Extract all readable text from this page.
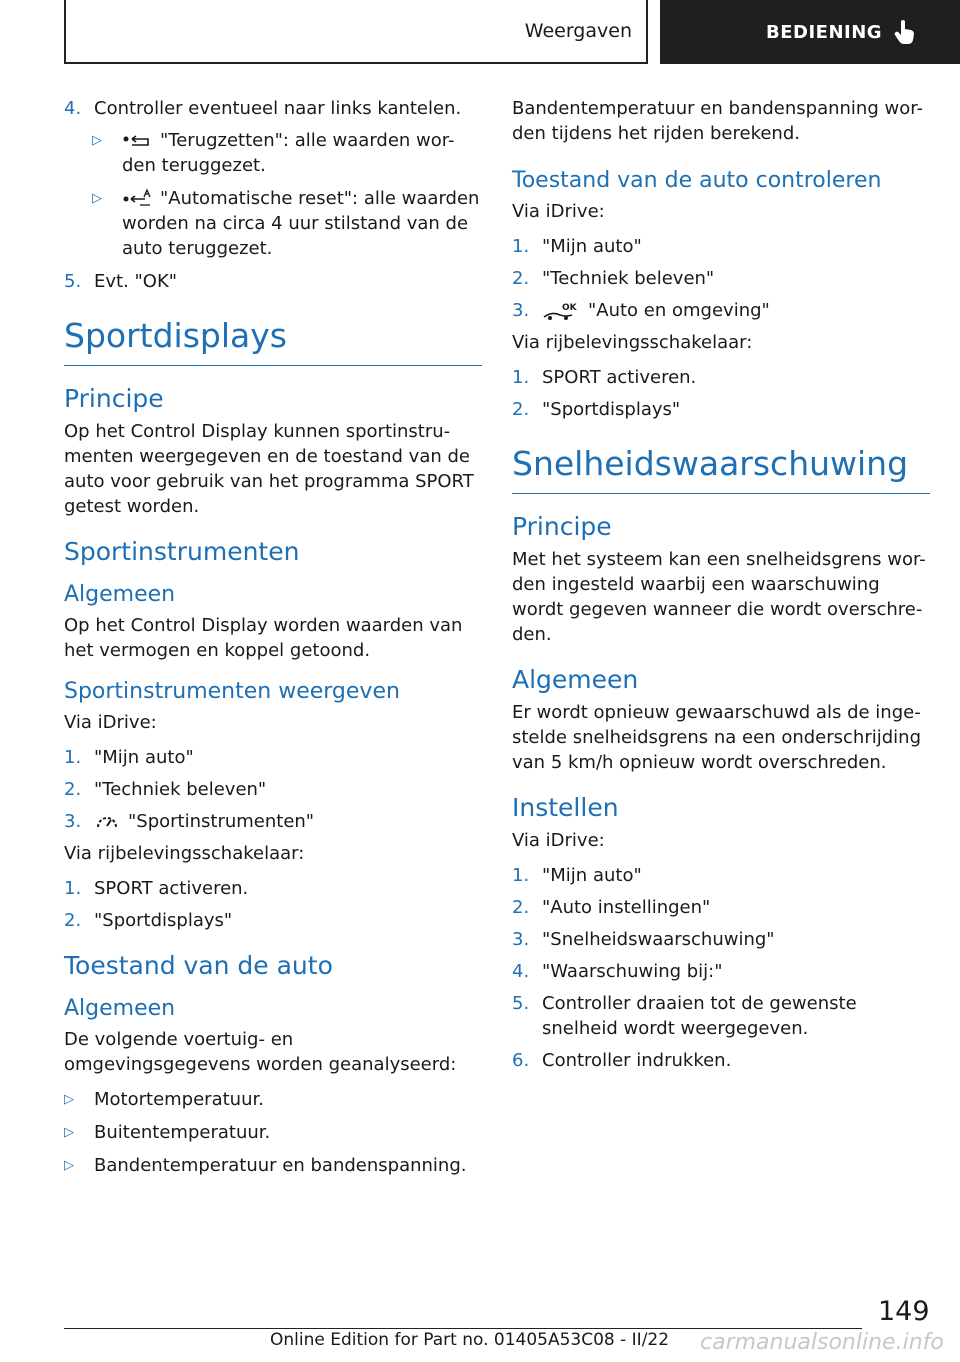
Weergaven	BEDIENING
4. Controller eventueel naar links kantelen.
▷	"Terugzetten": alle waarden wor-den teruggezet.
▷	"Automatische reset": alle waarden worden na circa 4 uur stilstand van de auto teruggezet.
5. Evt. "OK"
Sportdisplays
Principe

Op het Control Display kunnen sportinstru-menten weergegeven en de toestand van de auto voor gebruik van het programma SPORT getest worden.

Sportinstrumenten
Algemeen

Op het Control Display worden waarden van het vermogen en koppel getoond.

Sportinstrumenten weergeven

Via iDrive:

1. "Mijn auto"
2. "Techniek beleven"
3.	"Sportinstrumenten"

Via rijbelevingsschakelaar:

1. SPORT activeren.
2. "Sportdisplays"
Toestand van de auto
Algemeen

De volgende voertuig- en omgevingsgegevens worden geanalyseerd:

▷	Motortemperatuur.
▷	Buitentemperatuur.
▷	Bandentemperatuur en bandenspanning.

Bandentemperatuur en bandenspanning wor-den tijdens het rijden berekend.

Toestand van de auto controleren

Via iDrive:

1. "Mijn auto"
2. "Techniek beleven"
3.	OK "Auto en omgeving"

Via rijbelevingsschakelaar:

1. SPORT activeren.
2. "Sportdisplays"
Snelheidswaarschuwing
Principe

Met het systeem kan een snelheidsgrens wor-den ingesteld waarbij een waarschuwing wordt gegeven wanneer die wordt overschre-den.

Algemeen

Er wordt opnieuw gewaarschuwd als de inge-stelde snelheidsgrens na een onderschrijding van 5 km/h opnieuw wordt overschreden.

Instellen

Via iDrive:

1. "Mijn auto"
2. "Auto instellingen"
3. "Snelheidswaarschuwing"
4. "Waarschuwing bij:"
5. Controller draaien tot de gewenste snelheid wordt weergegeven.
6. Controller indrukken.
149
Online Edition for Part no. 01405A53C08 - II/22 carmanualsonline.info
